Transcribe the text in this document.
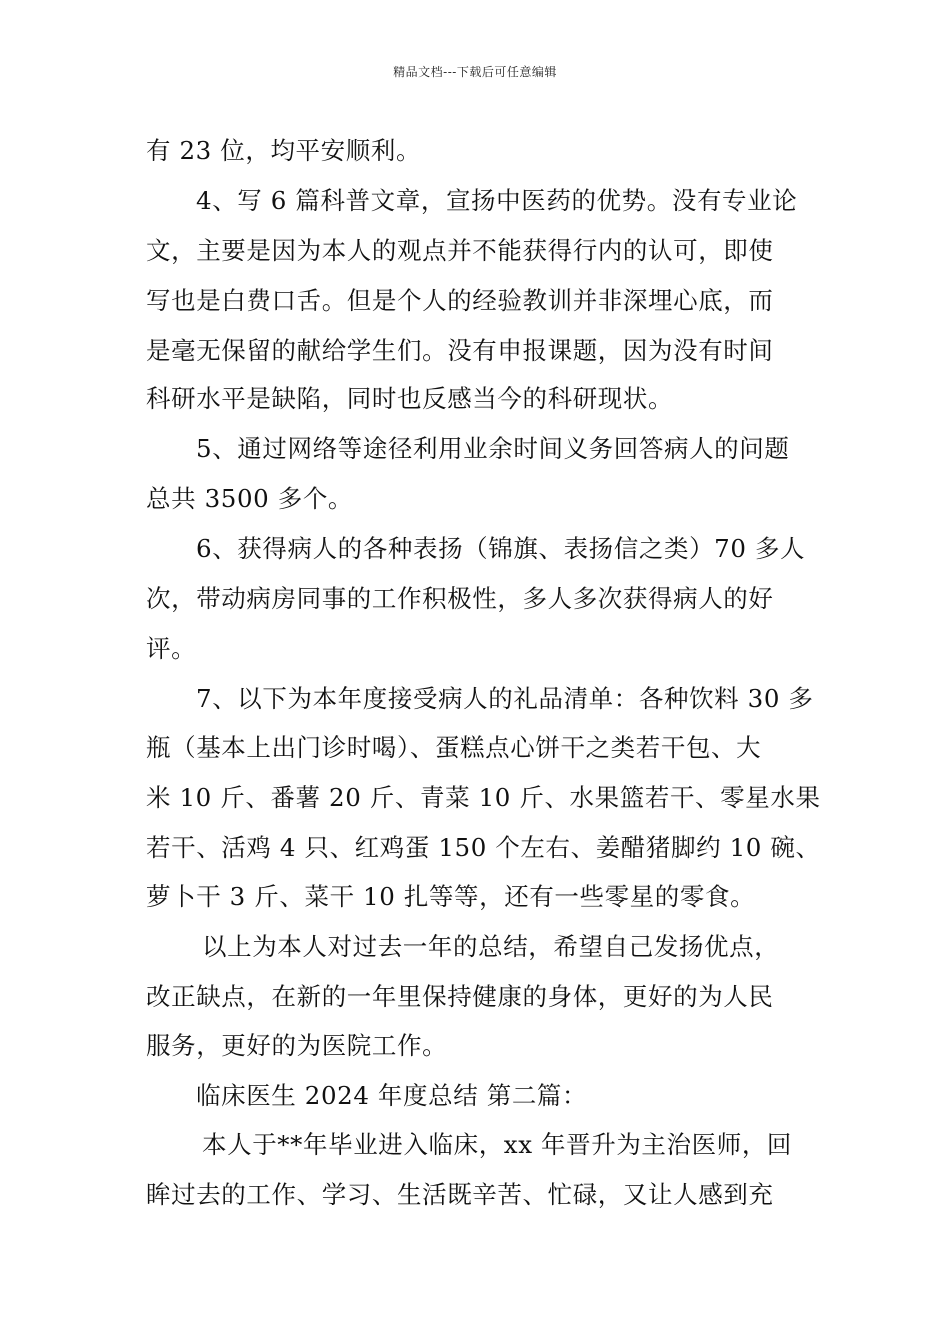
精品文档---下载后可任意编辑
有 23 位，均平安顺利。
4、写 6 篇科普文章，宣扬中医药的优势。没有专业论
文，主要是因为本人的观点并不能获得行内的认可，即使
写也是白费口舌。但是个人的经验教训并非深埋心底，而
是毫无保留的献给学生们。没有申报课题，因为没有时间
科研水平是缺陷，同时也反感当今的科研现状。
5、通过网络等途径利用业余时间义务回答病人的问题
总共 3500 多个。
6、获得病人的各种表扬（锦旗、表扬信之类）70 多人
次，带动病房同事的工作积极性，多人多次获得病人的好
评。
7、以下为本年度接受病人的礼品清单：各种饮料 30 多
瓶（基本上出门诊时喝）、蛋糕点心饼干之类若干包、大
米 10 斤、番薯 20 斤、青菜 10 斤、水果篮若干、零星水果
若干、活鸡 4 只、红鸡蛋 150 个左右、姜醋猪脚约 10 碗、
萝卜干 3 斤、菜干 10 扎等等，还有一些零星的零食。
以上为本人对过去一年的总结，希望自己发扬优点，
改正缺点，在新的一年里保持健康的身体，更好的为人民
服务，更好的为医院工作。
临床医生 2024 年度总结 第二篇：
本人于**年毕业进入临床，xx 年晋升为主治医师，回
眸过去的工作、学习、生活既辛苦、忙碌，又让人感到充
